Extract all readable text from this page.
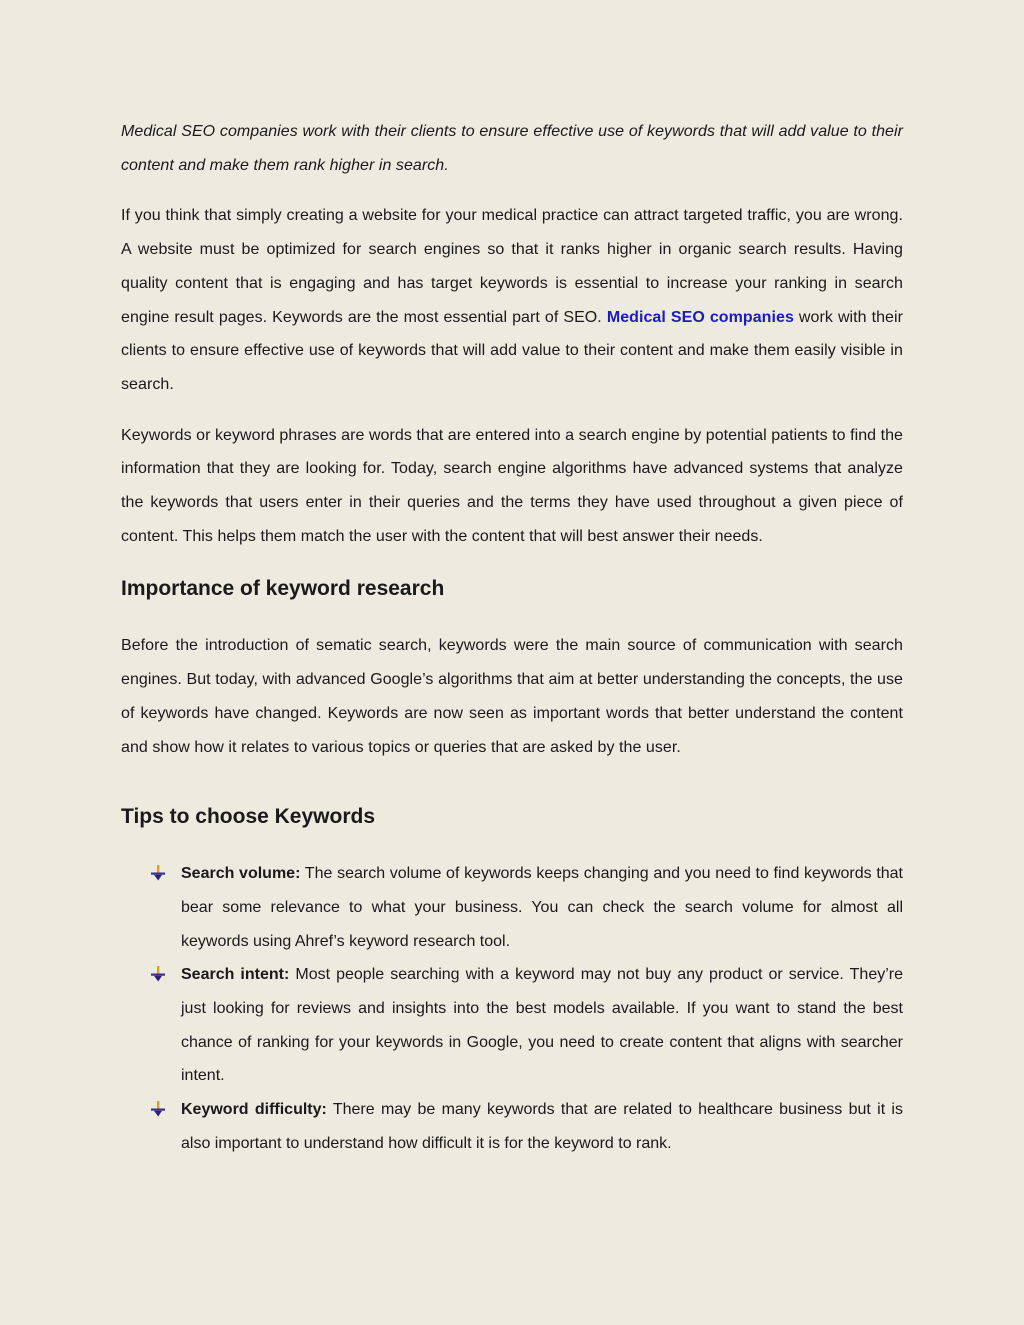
Medical SEO companies work with their clients to ensure effective use of keywords that will add value to their content and make them rank higher in search.

If you think that simply creating a website for your medical practice can attract targeted traffic, you are wrong. A website must be optimized for search engines so that it ranks higher in organic search results. Having quality content that is engaging and has target keywords is essential to increase your ranking in search engine result pages. Keywords are the most essential part of SEO. Medical SEO companies work with their clients to ensure effective use of keywords that will add value to their content and make them easily visible in search.

Keywords or keyword phrases are words that are entered into a search engine by potential patients to find the information that they are looking for. Today, search engine algorithms have advanced systems that analyze the keywords that users enter in their queries and the terms they have used throughout a given piece of content. This helps them match the user with the content that will best answer their needs.

Importance of keyword research

Before the introduction of sematic search, keywords were the main source of communication with search engines. But today, with advanced Google’s algorithms that aim at better understanding the concepts, the use of keywords have changed. Keywords are now seen as important words that better understand the content and show how it relates to various topics or queries that are asked by the user.

Tips to choose Keywords
Search volume: The search volume of keywords keeps changing and you need to find keywords that bear some relevance to what your business. You can check the search volume for almost all keywords using Ahref’s keyword research tool.
Search intent: Most people searching with a keyword may not buy any product or service. They’re just looking for reviews and insights into the best models available. If you want to stand the best chance of ranking for your keywords in Google, you need to create content that aligns with searcher intent.
Keyword difficulty: There may be many keywords that are related to healthcare business but it is also important to understand how difficult it is for the keyword to rank.
